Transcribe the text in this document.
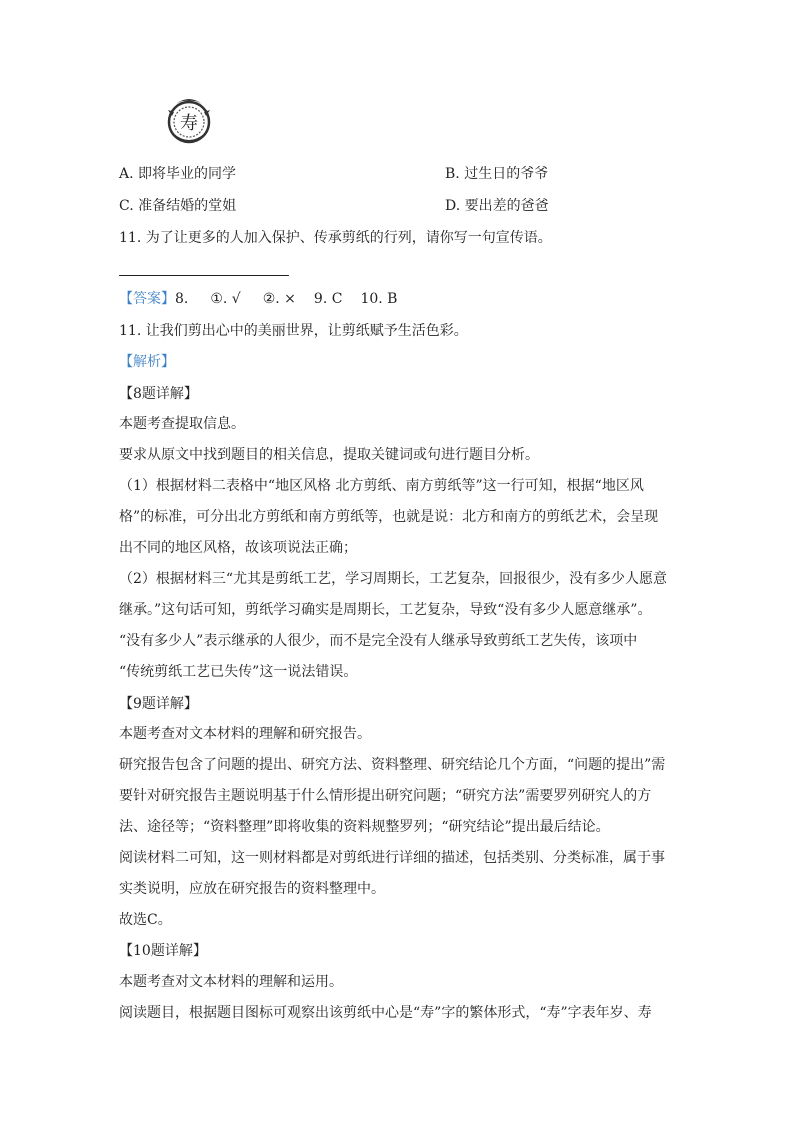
寿
A. 即将毕业的同学	B. 过生日的爷爷
C. 准备结婚的堂姐	D. 要出差的爸爸
11. 为了让更多的人加入保护、传承剪纸的行列，请你写一句宣传语。
【答案】8. ①. √ ②. × 9. C 10. B
11. 让我们剪出心中的美丽世界，让剪纸赋予生活色彩。
【解析】
【8题详解】
本题考查提取信息。
要求从原文中找到题目的相关信息，提取关键词或句进行题目分析。
（1）根据材料二表格中“地区风格 北方剪纸、南方剪纸等”这一行可知，根据“地区风
格”的标准，可分出北方剪纸和南方剪纸等，也就是说：北方和南方的剪纸艺术，会呈现
出不同的地区风格，故该项说法正确；
（2）根据材料三“尤其是剪纸工艺，学习周期长，工艺复杂，回报很少，没有多少人愿意
继承。”这句话可知，剪纸学习确实是周期长，工艺复杂，导致“没有多少人愿意继承”。
“没有多少人”表示继承的人很少，而不是完全没有人继承导致剪纸工艺失传，该项中
“传统剪纸工艺已失传”这一说法错误。
【9题详解】
本题考查对文本材料的理解和研究报告。
研究报告包含了问题的提出、研究方法、资料整理、研究结论几个方面，“问题的提出”需
要针对研究报告主题说明基于什么情形提出研究问题；“研究方法”需要罗列研究人的方
法、途径等；“资料整理”即将收集的资料规整罗列；“研究结论”提出最后结论。
阅读材料二可知，这一则材料都是对剪纸进行详细的描述，包括类别、分类标准，属于事
实类说明，应放在研究报告的资料整理中。
故选C。
【10题详解】
本题考查对文本材料的理解和运用。
阅读题目，根据题目图标可观察出该剪纸中心是“寿”字的繁体形式，“寿”字表年岁、寿
